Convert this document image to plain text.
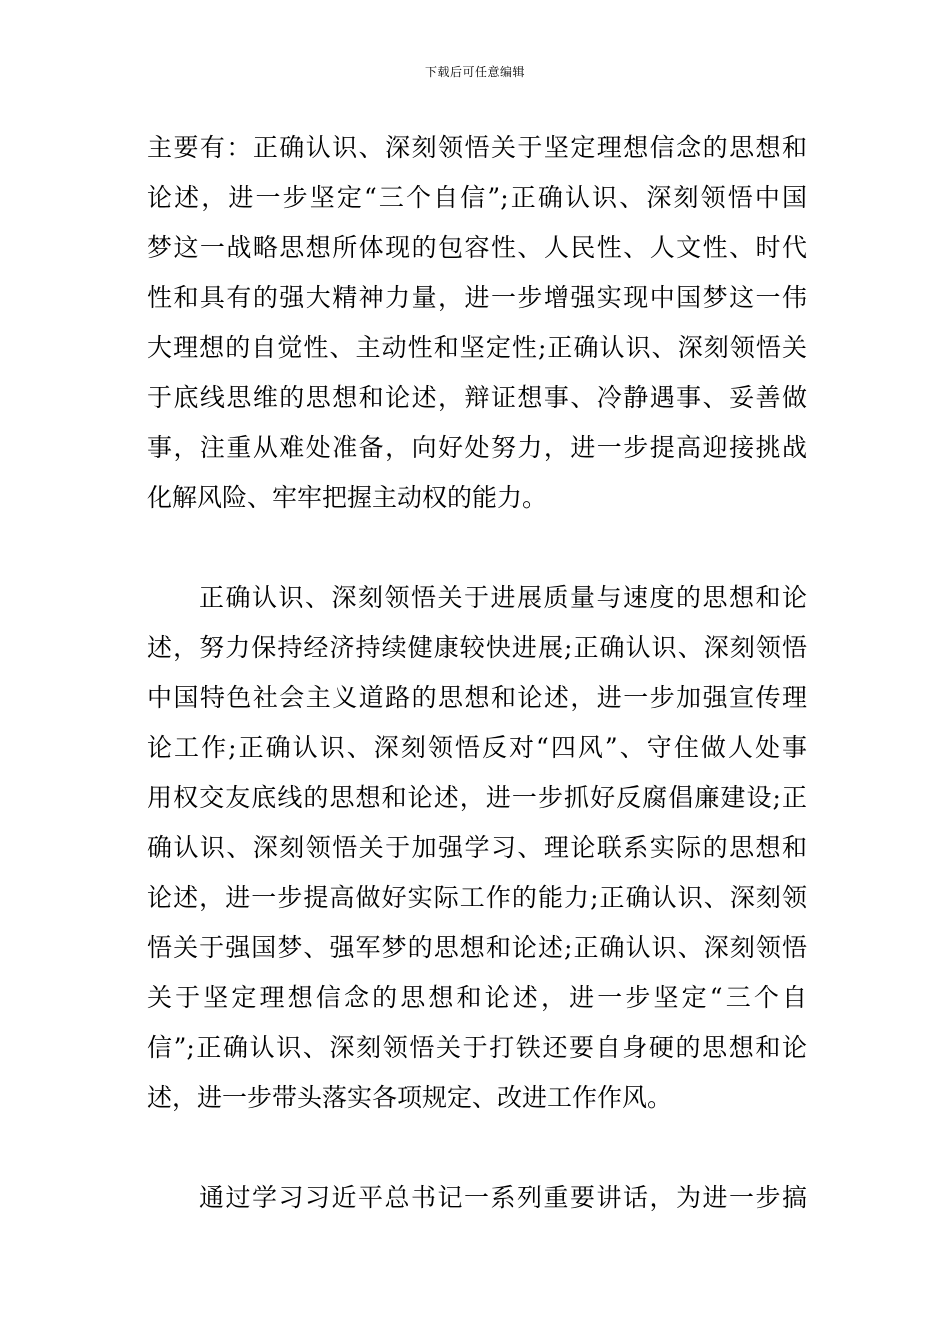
下载后可任意编辑
主要有：正确认识、深刻领悟关于坚定理想信念的思想和
论述，进一步坚定“三个自信”;正确认识、深刻领悟中国
梦这一战略思想所体现的包容性、人民性、人文性、时代
性和具有的强大精神力量，进一步增强实现中国梦这一伟
大理想的自觉性、主动性和坚定性;正确认识、深刻领悟关
于底线思维的思想和论述，辩证想事、冷静遇事、妥善做
事，注重从难处准备，向好处努力，进一步提高迎接挑战
化解风险、牢牢把握主动权的能力。
正确认识、深刻领悟关于进展质量与速度的思想和论
述，努力保持经济持续健康较快进展;正确认识、深刻领悟
中国特色社会主义道路的思想和论述，进一步加强宣传理
论工作;正确认识、深刻领悟反对“四风”、守住做人处事
用权交友底线的思想和论述，进一步抓好反腐倡廉建设;正
确认识、深刻领悟关于加强学习、理论联系实际的思想和
论述，进一步提高做好实际工作的能力;正确认识、深刻领
悟关于强国梦、强军梦的思想和论述;正确认识、深刻领悟
关于坚定理想信念的思想和论述，进一步坚定“三个自
信”;正确认识、深刻领悟关于打铁还要自身硬的思想和论
述，进一步带头落实各项规定、改进工作作风。
通过学习习近平总书记一系列重要讲话，为进一步搞
